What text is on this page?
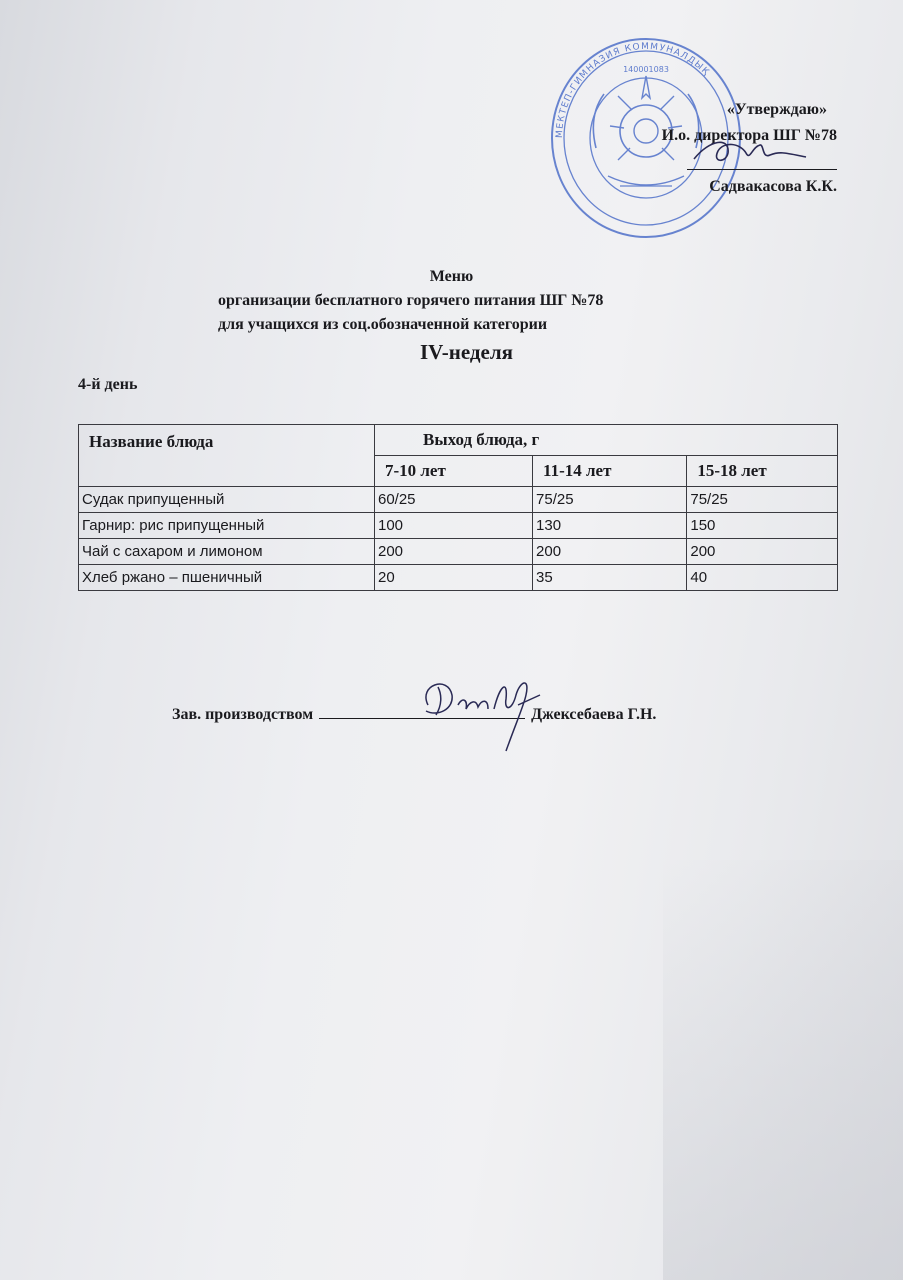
МЕКТЕП-ГИМНАЗИЯ КОММУНАЛДЫҚ
140001083
«Утверждаю»
И.о. директора ШГ №78
Садвакасова К.К.
Меню
организации бесплатного горячего питания ШГ №78
для учащихся из соц.обозначенной категории
IV-неделя
4-й день
Название блюда	Выход блюда, г		
	7-10 лет	11-14 лет	15-18 лет
Судак припущенный	60/25	75/25	75/25
Гарнир: рис припущенный	100	130	150
Чай с сахаром и лимоном	200	200	200
Хлеб ржано – пшеничный	20	35	40
Зав. производством	Джексебаева Г.Н.
